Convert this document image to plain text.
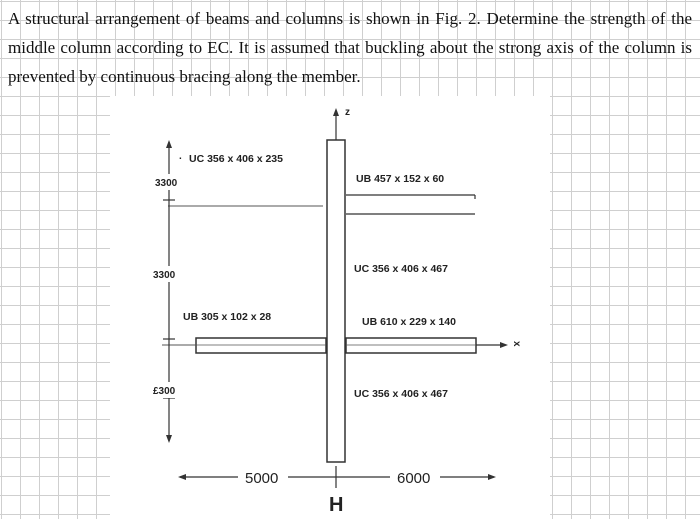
A structural arrangement of beams and columns is shown in Fig. 2. Determine the strength of the middle column according to EC. It is assumed that buckling about the strong axis of the column is prevented by continuous bracing along the member.

z
x
3300
3300
£300
5000	6000
. UC 356 x 406 x 235
UB 457 x 152 x 60
UC 356 x 406 x 467
UB 305 x 102 x 28	UB 610 x 229 x 140
UC 356 x 406 x 467
H
